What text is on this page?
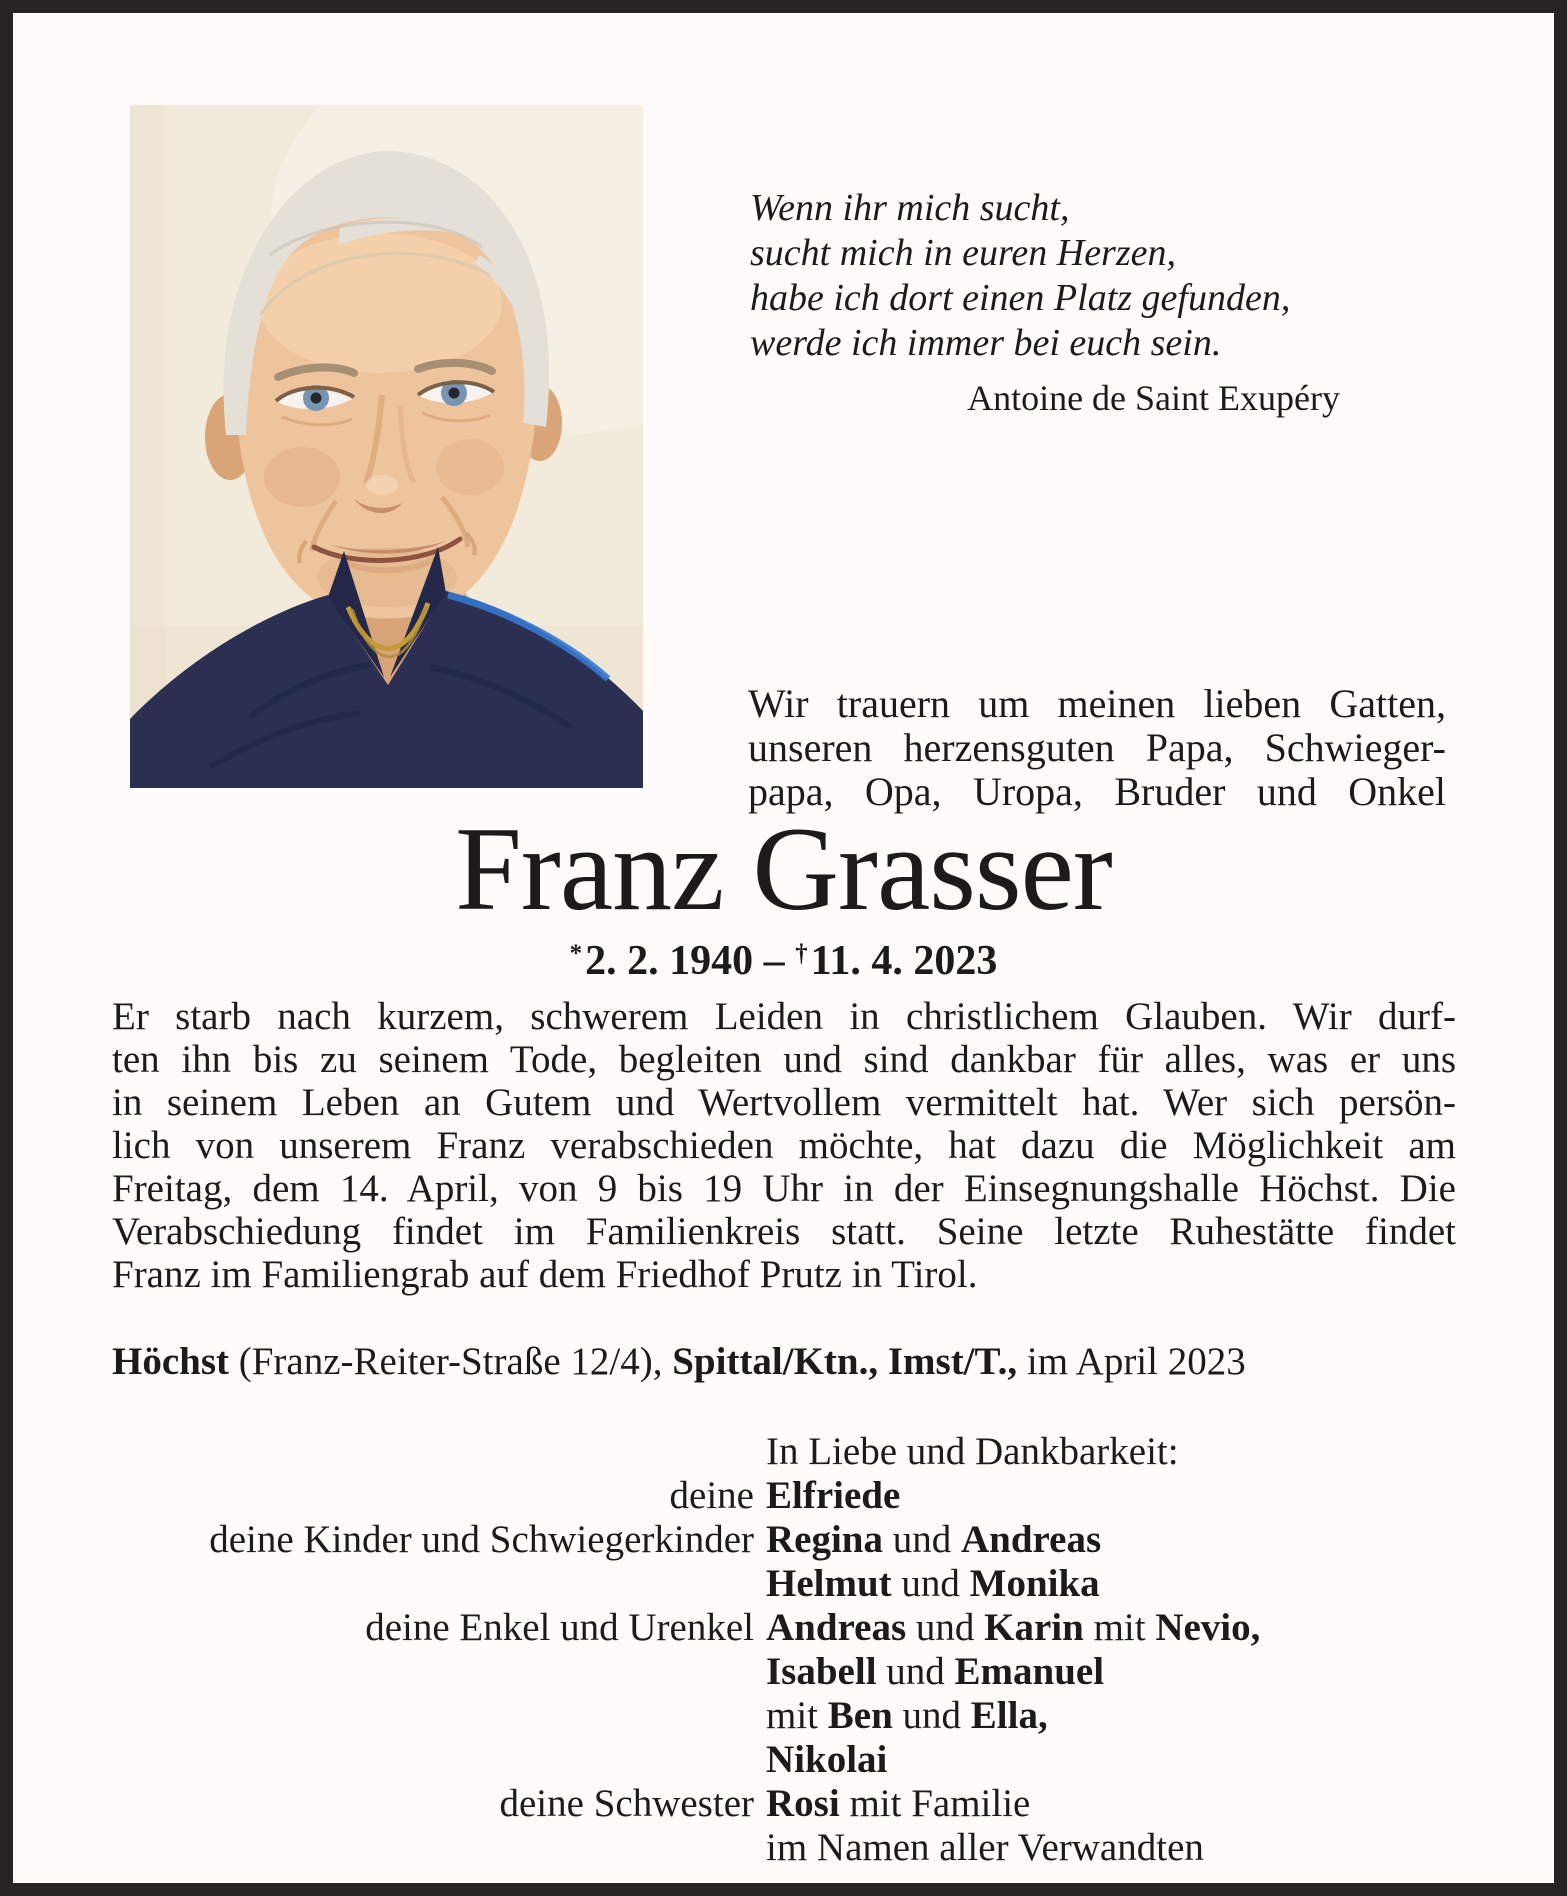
Wenn ihr mich sucht,
sucht mich in euren Herzen,
habe ich dort einen Platz gefunden,
werde ich immer bei euch sein.
Antoine de Saint Exupéry
Wir trauern um meinen lieben Gatten,
unseren herzensguten Papa, Schwieger-
papa, Opa, Uropa, Bruder und Onkel
Franz Grasser
*2. 2. 1940 – †11. 4. 2023
Er starb nach kurzem, schwerem Leiden in christlichem Glauben. Wir durf-
ten ihn bis zu seinem Tode, begleiten und sind dankbar für alles, was er uns
in seinem Leben an Gutem und Wertvollem vermittelt hat. Wer sich persön-
lich von unserem Franz verabschieden möchte, hat dazu die Möglichkeit am
Freitag, dem 14. April, von 9 bis 19 Uhr in der Einsegnungshalle Höchst. Die
Verabschiedung findet im Familienkreis statt. Seine letzte Ruhestätte findet
Franz im Familiengrab auf dem Friedhof Prutz in Tirol.
Höchst (Franz-Reiter-Straße 12/4), Spittal/Ktn., Imst/T., im April 2023
In Liebe und Dankbarkeit:
deine Elfriede
deine Kinder und Schwiegerkinder Regina und Andreas
Helmut und Monika
deine Enkel und Urenkel Andreas und Karin mit Nevio,
Isabell und Emanuel
mit Ben und Ella,
Nikolai
deine Schwester Rosi mit Familie
im Namen aller Verwandten
